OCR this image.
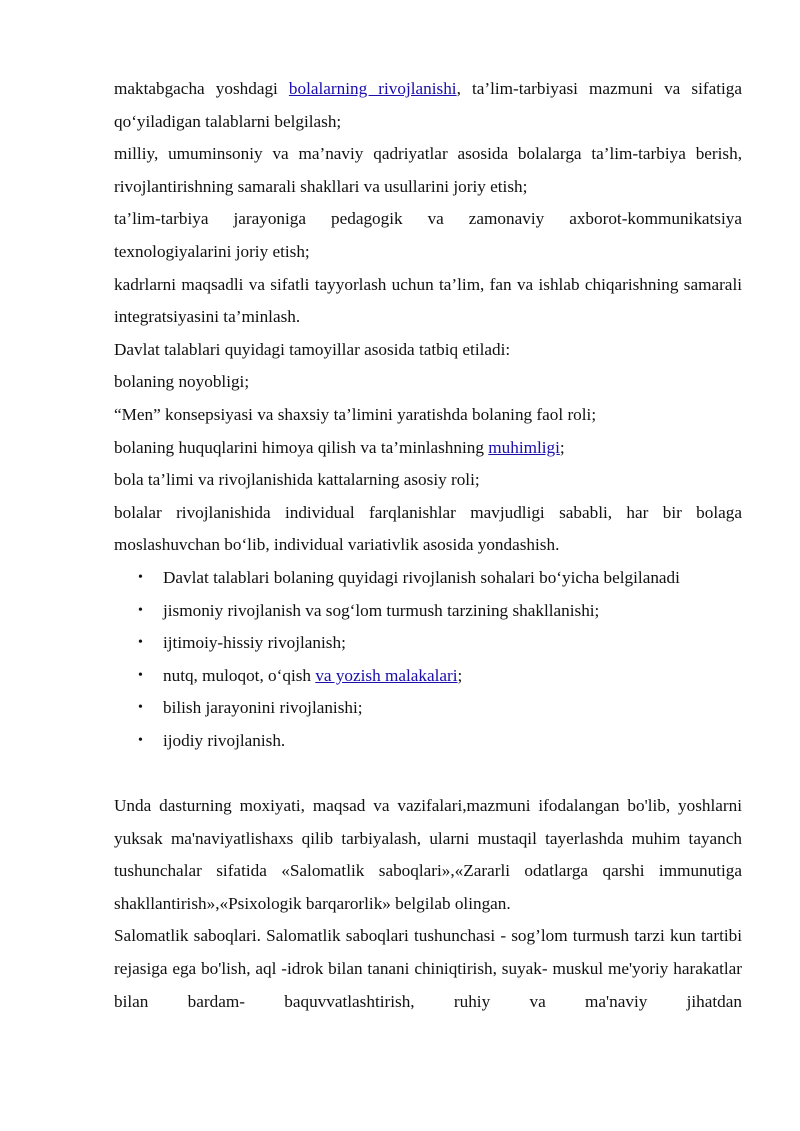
maktabgacha yoshdagi bolalarning rivojlanishi, ta’lim-tarbiyasi mazmuni va sifatiga qo‘yiladigan talablarni belgilash;

milliy, umuminsoniy va ma’naviy qadriyatlar asosida bolalarga ta’lim-tarbiya berish, rivojlantirishning samarali shakllari va usullarini joriy etish;

ta’lim-tarbiya jarayoniga pedagogik va zamonaviy axborot-kommunikatsiya texnologiyalarini joriy etish;

kadrlarni maqsadli va sifatli tayyorlash uchun ta’lim, fan va ishlab chiqarishning samarali integratsiyasini ta’minlash.

Davlat talablari quyidagi tamoyillar asosida tatbiq etiladi:

bolaning noyobligi;

“Men” konsepsiyasi va shaxsiy ta’limini yaratishda bolaning faol roli;

bolaning huquqlarini himoya qilish va ta’minlashning muhimligi;

bola ta’limi va rivojlanishida kattalarning asosiy roli;

bolalar rivojlanishida individual farqlanishlar mavjudligi sababli, har bir bolaga moslashuvchan bo‘lib, individual variativlik asosida yondashish.

• Davlat talablari bolaning quyidagi rivojlanish sohalari bo‘yicha belgilanadi
• jismoniy rivojlanish va sog‘lom turmush tarzining shakllanishi;
• ijtimoiy-hissiy rivojlanish;
• nutq, muloqot, o‘qish va yozish malakalari;
• bilish jarayonini rivojlanishi;
• ijodiy rivojlanish.

Unda dasturning moxiyati, maqsad va vazifalari,mazmuni ifodalangan bo'lib, yoshlarni yuksak ma'naviyatlishaxs qilib tarbiyalash, ularni mustaqil tayerlashda muhim tayanch tushunchalar sifatida «Salomatlik saboqlari»,«Zararli odatlarga qarshi immunutiga shakllantirish»,«Psixologik barqarorlik» belgilab olingan.

Salomatlik saboqlari. Salomatlik saboqlari tushunchasi - sog’lom turmush tarzi kun tartibi rejasiga ega bo'lish, aql -idrok bilan tanani chiniqtirish, suyak- muskul me'yoriy harakatlar bilan bardam- baquvvatlashtirish, ruhiy va ma'naviy jihatdan
